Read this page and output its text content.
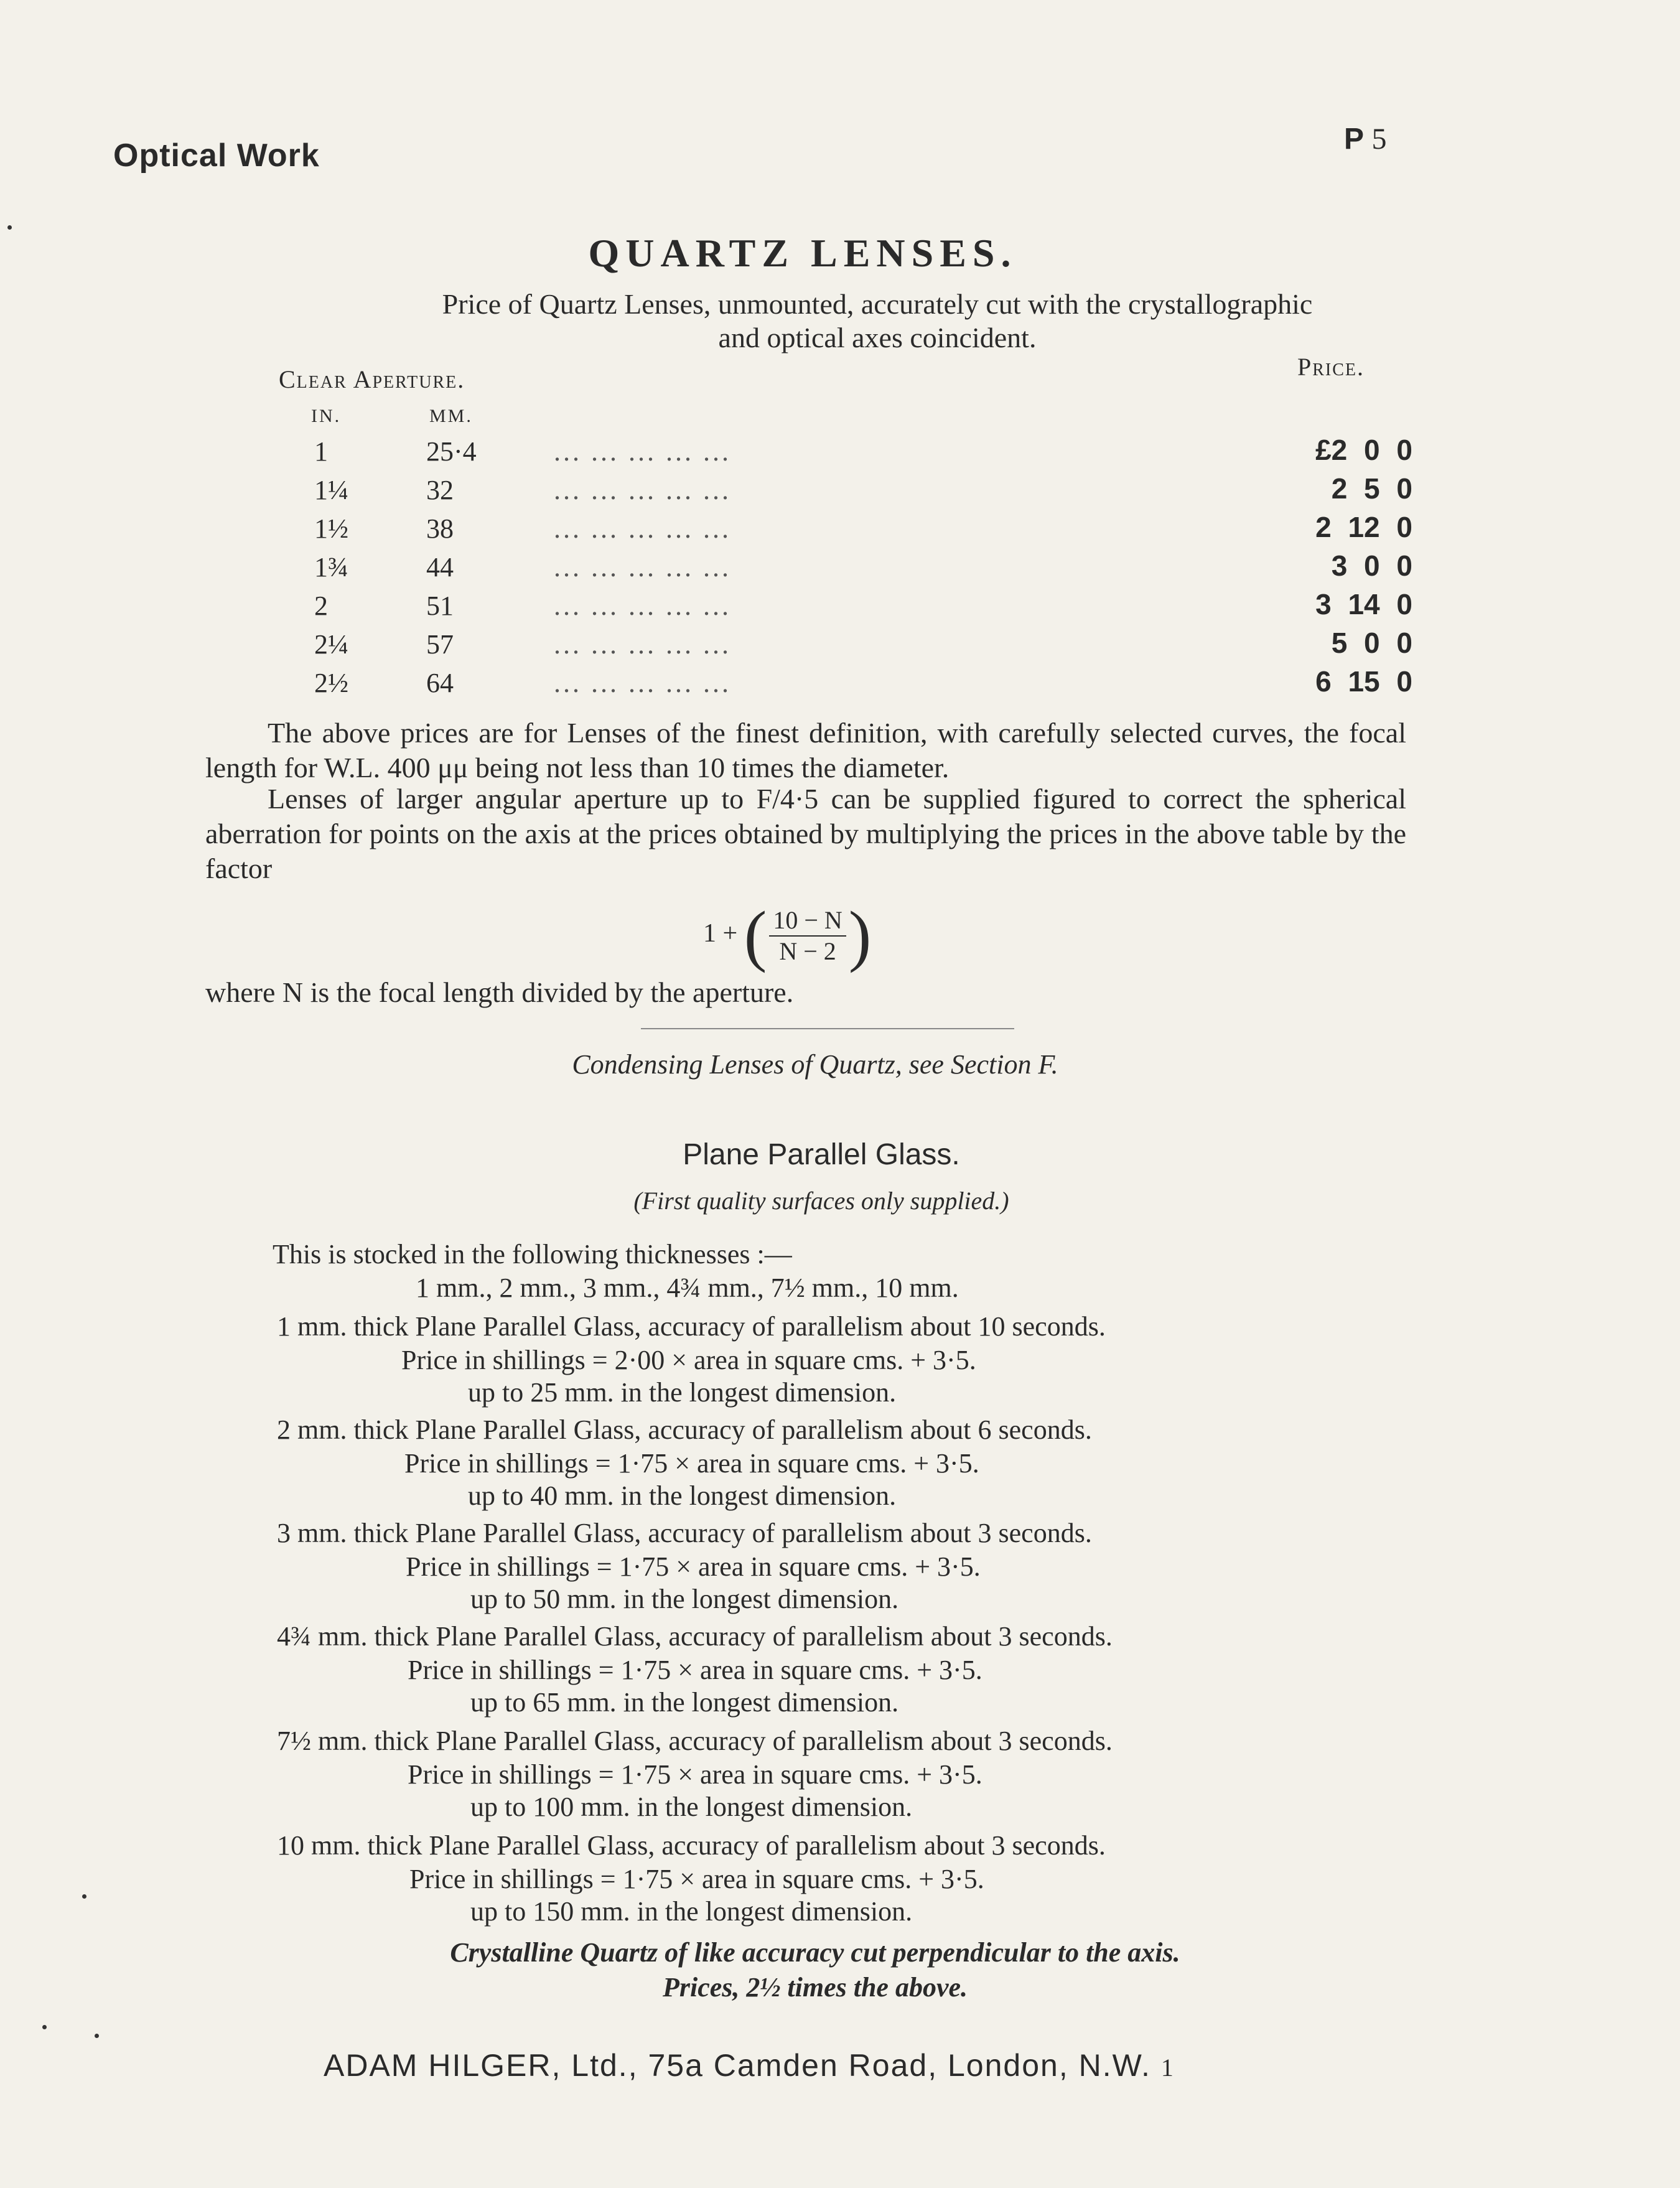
Optical Work	P 5
QUARTZ LENSES.
Price of Quartz Lenses, unmounted, accurately cut with the crystallographic
and optical axes coincident.
Clear Aperture.	Price.
IN.	MM.
1	25·4	... ... ... ... ...	£2 0 0
1¼	32	... ... ... ... ...	2 5 0
1½	38	... ... ... ... ...	2 12 0
1¾	44	... ... ... ... ...	3 0 0
2	51	... ... ... ... ...	3 14 0
2¼	57	... ... ... ... ...	5 0 0
2½	64	... ... ... ... ...	6 15 0
The above prices are for Lenses of the finest definition, with carefully selected curves, the focal length for W.L. 400 μμ being not less than 10 times the diameter.
Lenses of larger angular aperture up to F/4·5 can be supplied figured to correct the spherical aberration for points on the axis at the prices obtained by multiplying the prices in the above table by the factor
1 + ( $\frac{10 - N}{N - 2}$ )
where N is the focal length divided by the aperture.
Condensing Lenses of Quartz, see Section F.
Plane Parallel Glass.
(First quality surfaces only supplied.)
This is stocked in the following thicknesses :—
1 mm., 2 mm., 3 mm., 4¾ mm., 7½ mm., 10 mm.
1 mm. thick Plane Parallel Glass, accuracy of parallelism about 10 seconds.
Price in shillings = 2·00 × area in square cms. + 3·5.
up to 25 mm. in the longest dimension.
2 mm. thick Plane Parallel Glass, accuracy of parallelism about 6 seconds.
Price in shillings = 1·75 × area in square cms. + 3·5.
up to 40 mm. in the longest dimension.
3 mm. thick Plane Parallel Glass, accuracy of parallelism about 3 seconds.
Price in shillings = 1·75 × area in square cms. + 3·5.
up to 50 mm. in the longest dimension.
4¾ mm. thick Plane Parallel Glass, accuracy of parallelism about 3 seconds.
Price in shillings = 1·75 × area in square cms. + 3·5.
up to 65 mm. in the longest dimension.
7½ mm. thick Plane Parallel Glass, accuracy of parallelism about 3 seconds.
Price in shillings = 1·75 × area in square cms. + 3·5.
up to 100 mm. in the longest dimension.
10 mm. thick Plane Parallel Glass, accuracy of parallelism about 3 seconds.
Price in shillings = 1·75 × area in square cms. + 3·5.
up to 150 mm. in the longest dimension.
Crystalline Quartz of like accuracy cut perpendicular to the axis.
Prices, 2½ times the above.
ADAM HILGER, Ltd., 75a Camden Road, London, N.W. 1
